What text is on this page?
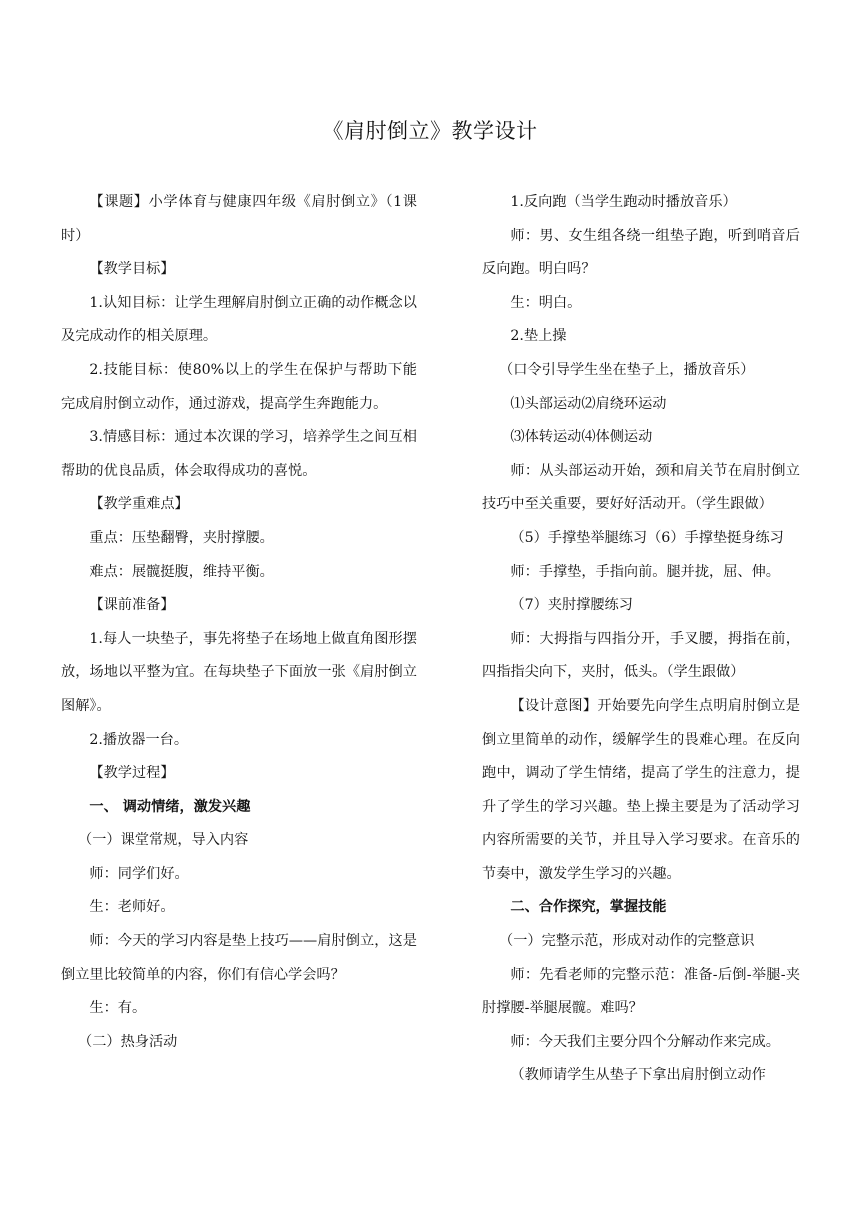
《肩肘倒立》教学设计

【课题】小学体育与健康四年级《肩肘倒立》（1课时）

【教学目标】

1.认知目标：让学生理解肩肘倒立正确的动作概念以及完成动作的相关原理。

2.技能目标：使80%以上的学生在保护与帮助下能完成肩肘倒立动作，通过游戏，提高学生奔跑能力。

3.情感目标：通过本次课的学习，培养学生之间互相帮助的优良品质，体会取得成功的喜悦。

【教学重难点】

重点：压垫翻臀，夹肘撑腰。

难点：展髋挺腹，维持平衡。

【课前准备】

1.每人一块垫子，事先将垫子在场地上做直角图形摆放，场地以平整为宜。在每块垫子下面放一张《肩肘倒立图解》。

2.播放器一台。

【教学过程】

一、 调动情绪，激发兴趣

（一）课堂常规，导入内容

师：同学们好。

生：老师好。

师：今天的学习内容是垫上技巧——肩肘倒立，这是倒立里比较简单的内容，你们有信心学会吗？

生：有。

（二）热身活动

1.反向跑（当学生跑动时播放音乐）

师：男、女生组各绕一组垫子跑，听到哨音后反向跑。明白吗？

生：明白。

2.垫上操

（口令引导学生坐在垫子上，播放音乐）

⑴头部运动⑵肩绕环运动

⑶体转运动⑷体侧运动

师：从头部运动开始，颈和肩关节在肩肘倒立技巧中至关重要，要好好活动开。（学生跟做）

（5）手撑垫举腿练习（6）手撑垫挺身练习

师：手撑垫，手指向前。腿并拢，屈、伸。

（7）夹肘撑腰练习

师：大拇指与四指分开，手叉腰，拇指在前，四指指尖向下，夹肘，低头。（学生跟做）

【设计意图】开始要先向学生点明肩肘倒立是倒立里简单的动作，缓解学生的畏难心理。在反向跑中，调动了学生情绪，提高了学生的注意力，提升了学生的学习兴趣。垫上操主要是为了活动学习内容所需要的关节，并且导入学习要求。在音乐的节奏中，激发学生学习的兴趣。

二、合作探究，掌握技能

（一）完整示范，形成对动作的完整意识

师：先看老师的完整示范：准备-后倒-举腿-夹肘撑腰-举腿展髋。难吗？

师：今天我们主要分四个分解动作来完成。

（教师请学生从垫子下拿出肩肘倒立动作
